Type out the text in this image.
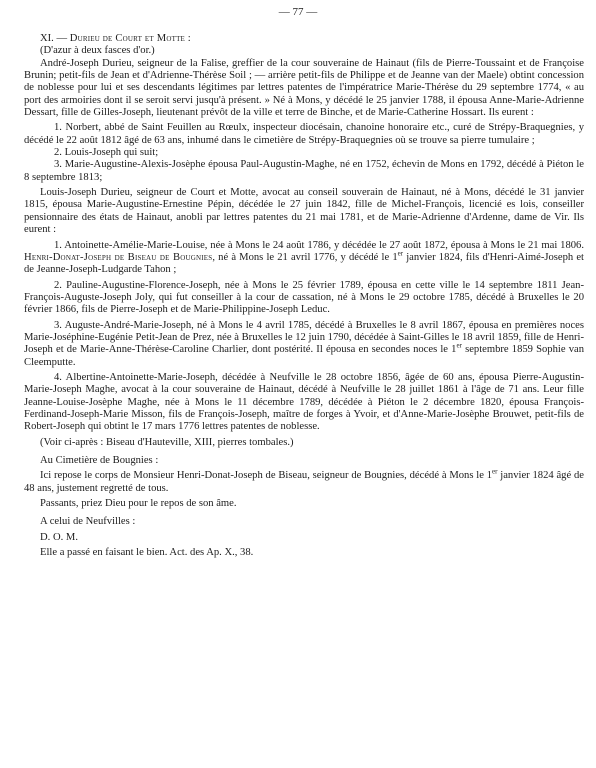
— 77 —

XI. — Durieu de Court et Motte :

(D'azur à deux fasces d'or.)

André-Joseph Durieu, seigneur de la Falise, greffier de la cour souveraine de Hainaut (fils de Pierre-Toussaint et de Françoise Brunin; petit-fils de Jean et d'Adrienne-Thérèse Soil ; — arrière petit-fils de Philippe et de Jeanne van der Maele) obtint concession de noblesse pour lui et ses descendants légitimes par lettres patentes de l'impératrice Marie-Thérèse du 29 septembre 1774, « au port des armoiries dont il se seroit servi jusqu'à présent. » Né à Mons, y décédé le 25 janvier 1788, il épousa Anne-Marie-Adrienne Dessart, fille de Gilles-Joseph, lieutenant prévôt de la ville et terre de Binche, et de Marie-Catherine Hossart. Ils eurent :

1. Norbert, abbé de Saint Feuillen au Rœulx, inspecteur diocésain, chanoine honoraire etc., curé de Strépy-Braquegnies, y décédé le 22 août 1812 âgé de 63 ans, inhumé dans le cimetière de Strépy-Braquegnies où se trouve sa pierre tumulaire ;

2. Louis-Joseph qui suit;

3. Marie-Augustine-Alexis-Josèphe épousa Paul-Augustin-Maghe, né en 1752, échevin de Mons en 1792, décédé à Piéton le 8 septembre 1813;

Louis-Joseph Durieu, seigneur de Court et Motte, avocat au conseil souverain de Hainaut, né à Mons, décédé le 31 janvier 1815, épousa Marie-Augustine-Ernestine Pépin, décédée le 27 juin 1842, fille de Michel-François, licencié es lois, conseiller pensionnaire des états de Hainaut, anobli par lettres patentes du 21 mai 1781, et de Marie-Adrienne d'Ardenne, dame de Vir. Ils eurent :

1. Antoinette-Amélie-Marie-Louise, née à Mons le 24 août 1786, y décédée le 27 août 1872, épousa à Mons le 21 mai 1806. Henri-Donat-Joseph de Biseau de Bougnies, né à Mons le 21 avril 1776, y décédé le 1er janvier 1824, fils d'Henri-Aimé-Joseph et de Jeanne-Joseph-Ludgarde Tahon ;

2. Pauline-Augustine-Florence-Joseph, née à Mons le 25 février 1789, épousa en cette ville le 14 septembre 1811 Jean-François-Auguste-Joseph Joly, qui fut conseiller à la cour de cassation, né à Mons le 29 octobre 1785, décédé à Bruxelles le 20 février 1866, fils de Pierre-Joseph et de Marie-Philippine-Joseph Leduc.

3. Auguste-André-Marie-Joseph, né à Mons le 4 avril 1785, décédé à Bruxelles le 8 avril 1867, épousa en premières noces Marie-Joséphine-Eugénie Petit-Jean de Prez, née à Bruxelles le 12 juin 1790, décédée à Saint-Gilles le 18 avril 1859, fille de Henri-Joseph et de Marie-Anne-Thérèse-Caroline Charlier, dont postérité. Il épousa en secondes noces le 1er septembre 1859 Sophie van Cleemputte.

4. Albertine-Antoinette-Marie-Joseph, décédée à Neufville le 28 octobre 1856, âgée de 60 ans, épousa Pierre-Augustin-Marie-Joseph Maghe, avocat à la cour souveraine de Hainaut, décédé à Neufville le 28 juillet 1861 à l'âge de 71 ans. Leur fille Jeanne-Louise-Josèphe Maghe, née à Mons le 11 décembre 1789, décédée à Piéton le 2 décembre 1820, épousa François-Ferdinand-Joseph-Marie Misson, fils de François-Joseph, maître de forges à Yvoir, et d'Anne-Marie-Josèphe Brouwet, petit-fils de Robert-Joseph qui obtint le 17 mars 1776 lettres patentes de noblesse.

(Voir ci-après : Biseau d'Hauteville, XIII, pierres tombales.)

Au Cimetière de Bougnies :

Ici repose le corps de Monsieur Henri-Donat-Joseph de Biseau, seigneur de Bougnies, décédé à Mons le 1er janvier 1824 âgé de 48 ans, justement regretté de tous.

Passants, priez Dieu pour le repos de son âme.

A celui de Neufvilles :

D. O. M.

Elle a passé en faisant le bien. Act. des Ap. X., 38.
